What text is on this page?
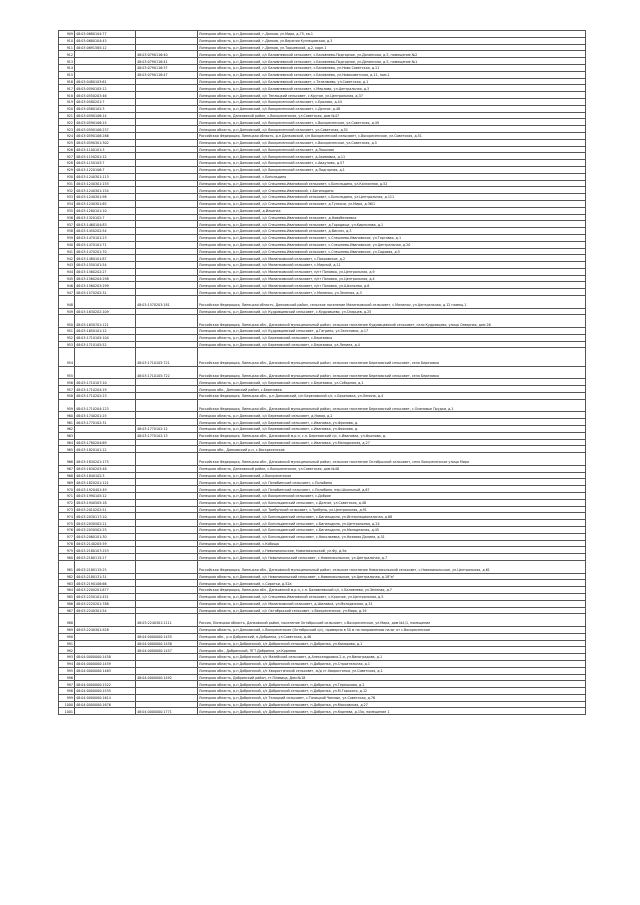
909	48:03:0680104:77		Липецкая область, р-н Данковский, г.Данков, ул.Мира, д.75, кв.1
910	48:03:0680104:43		Липецкая область, р-н Данковский, г.Данков, ул.Верхняя Кузнецовская, д.3
911	48:03:0691585:12		Липецкая область, р-н Данковский, г.Данков, ул.Торцевской, д.2, корп.1
912		48:03:0790116:40	Липецкая область, р-н Данковский, с/с Баловневский сельсовет, с.Баловнево-Подгорное, ул.Донинская, д.5, помещение №2
913		48:03:0790116:41	Липецкая область, р-н Данковский, с/с Баловневский сельсовет, с.Баловнево-Подгорное, ул.Донинская, д.5, помещение №1
914		48:03:0790116:37	Липецкая область, р-н Данковский, с/с Баловневский сельсовет, с.Баловнево, ул.Ново Советская, д.11
915		48:03:0790116:47	Липецкая область, р-н Данковский, с/с Баловневский сельсовет, с.Баловнево, ул.Новосоветская, д.11, пом.1
916	48:03:0480103:61		Липецкая область, р-н Данковский, с/с Баловневский сельсовет, с.Телелюево, ул.Советская, д.1
917	48:03:0590105:12		Липецкая область, р-н Данковский, с/с Баловневский сельсовет, с.Мерлово, ул.Центральная, д.3
918	48:03:0550203:46		Липецкая область, р-н Данковский, с/с Теплоцкий сельсовет, с.Крутое, ул.Центральная, д.37
919	48:03:0580201:7		Липецкая область, р-н Данковский, с/с Воскресенский сельсовет, с.Ерохово, д.44
920	48:03:0580102:3		Липецкая область, р-н Данковский, с/с Воскресенский сельсовет, с.Долгое, д.48
921	48:03:0590106:14		Липецкая область, Данковский район, с.Воскресенское, ул.Советская, дом №47
922	48:03:0590106:15		Липецкая область, р-н Данковский, с/с Воскресенский сельсовет, с.Воскресенское, ул.Советская, д.49
923	48:03:0590106:237		Липецкая область, р-н Данковский, с/с Воскресенский сельсовет, ул.Советская, д.51
924	48:03:0590106:286		Российская Федерация, Липецкая область, р-н Данковский, с/п Воскресенский сельсовет, с.Воскресенское, ул.Советская, д.51
925	48:03:0590301:302		Липецкая область, р-н Данковский, с/с Воскресенский сельсовет, с.Воскресенское, ул.Советская, д.5
926	48:03:1100101:3		Липецкая область, р-н Данковский, с/с Воскресенский сельсовет, д.Пашково
927	48:03:1150201:12		Липецкая область, р-н Данковский, с/с Воскресенский сельсовет, д.Акимовка, д.11
928	48:03:1150103:7		Липецкая область, р-н Данковский, с/с Воскресенский сельсовет, с.Авдулово, д.57
929	48:03:1220106:7		Липецкая область, р-н Данковский, с/с Воскресенский сельсовет, д.Подгорная, д.1
930	48:03:1240301:113		Липецкая область, р-н Данковский, с.Бигильдино
931	48:03:1240301:155		Липецкая область, р-н Данковский, с/с Спешнево-Ивановский сельсовет, с.Бигильдино, ул.Колхозная, д.52
932	48:03:1240301:154		Липецкая область, р-н Данковский, с/с Спешнево-Ивановский, с.Бигильдино
933	48:03:1240301:98		Липецкая область, р-н Данковский, с/с Спешнево-Ивановский сельсовет, с.Бигильдино, ул.Центральная, д.111
934	48:03:1240301:65		Липецкая область, р-н Данковский, с/с Спешнево-Ивановский сельсовет, д.Тупкачи, ул.Мира, д.36/1
935	48:03:1280101:10		Липецкая область, р-н Данковский, д.Ильинка
936	48:03:1320102:7		Липецкая область, р-н Данковский, с/с Спешнево-Ивановский сельсовет, д.Новобеляевка
937	48:03:1460104:83		Липецкая область, р-н Данковский, с/с Спешнево-Ивановский сельсовет, д.Городище, ул.Кирпилова, д.1
938	48:03:1450202:54		Липецкая область, р-н Данковский, с/с Спешнево-Ивановский сельсовет, д.Висляч, д.3
939	48:03:1470101:23		Липецкая область, р-н Данковский, с/с Спешнево-Ивановский сельсовет, с.Спешнево-Ивановское, ул.Торговая, д.1
940	48:03:1470101:71		Липецкая область, р-н Данковский, с/с Спешнево-Ивановский сельсовет, с.Спешнево-Ивановское, ул.Центральная, д.20
941	48:03:1470201:70		Липецкая область, р-н Данковский, с/с Спешнево-Ивановский сельсовет, с.Спешнево-Ивановское, ул.Садовая, д.5
942	48:03:1480101:87		Липецкая область, р-н Данковский, с/с Малинковский сельсовет, с.Покровское, д.2
943	48:03:1550101:54		Липецкая область, р-н Данковский, с/с Малинковский сельсовет, с.Мирный, д.11
944	48:03:1560202:27		Липецкая область, р-н Данковский, с/с Малинковский сельсовет, п/ст Поповка, ул.Центральная, д.9
945	48:03:1560204:298		Липецкая область, р-н Данковский, с/с Малинковский сельсовет, п/ст Поповка, ул.Центральная, д.4
946	48:03:1560203:299		Липецкая область, р-н Данковский, с/с Малинковский сельсовет, п/ст Поповка, ул.Школьная, д.6
947	48:03:1570202:31		Липецкая область, р-н Данковский, с/с Малинковский сельсовет, с.Малинки, ул.Зеленая, д.3
948		48:03:1570203:181	Российская Федерация, Липецкая область, Данковский район, сельское поселение Малинковский сельсовет, с.Малинки, ул.Центральная, д.12 помещ.1
949	48:03:1630202:109		Липецкая область, р-н Данковский, с/с Кудрявцевский сельсовет, с.Кудрявцево, ул.Спирцев, д.25
950	48:03:1630701:121		Российская Федерация, Липецкая обл., Данковский муниципальный район, сельское поселение Кудрявцевский сельсовет, село Кудрявцево, улица Северная, дом 26
951	48:03:1650101:12		Липецкая область, р-н Данковский, с/с Кудрявцевский сельсовет, д.Гагрино, ул.Заготовки, д.17
952	48:03:1710105:104		Липецкая область, р-н Данковский, с/с Березовский сельсовет, с.Березовка
953	48:03:1710105:52		Липецкая область, р-н Данковский, с/с Березовский сельсовет, с.Березовка, ул.Ленина, д.4
954		48:03:1710105:721	Российская Федерация, Липецкая обл., Данковский муниципальный район, сельское поселение Березовский сельсовет, село Березовка
955		48:03:1710105:722	Российская Федерация, Липецкая обл., Данковский муниципальный район, сельское поселение Березовский сельсовет, село Березовка
956	48:03:1710107:10		Липецкая область, р-н Данковский, с/с Березовский сельсовет, с.Березовка, ул.Соборная, д.1
957	48:03:1710204:19		Липецкая обл., Данковский район, с.Березовка
958	48:03:1710202:23		Российская Федерация, Липецкая обл., р-н Данковский, с/п Березовский с/с, с.Березовка, ул.Ленина, д.4
959	48:03:1710204:123		Российская Федерация, Липецкая обл., Данковский муниципальный район, сельское поселение Березовский сельсовет, с.Осиновые Прудки, д.1
960	48:03:1740201:25		Липецкая область, р-н Данковский, с/с Березовский сельсовет, д.Новая, д.2
961	48:03:1770102:31		Липецкая область, р-н Данковский, с/с Березовский сельсовет, с.Ивановка, ул.Фролова, д.
962		48:03:1770102:12	Липецкая область, р-н Данковский, с/с Березовский сельсовет, с.Ивановка, ул.Фролова, д.
963		48:03:1770102:13	Российская Федерация, Липецкая обл., Данковский м.р-н, с.п. Березовский с/с, с.Ивановка, ул.Фролова, д.
964	48:03:1780204:69		Липецкая область, р-н Данковский, с/с Березовский сельсовет, с.Ивановка, ул.Молодежная, д.27
965	48:03:1820101:12		Липецкая обл., Данковский р-н, с.Воскресенское
966	48:03:1830201:175		Российская Федерация, Липецкая обл., Данковский муниципальный район, сельское поселение Октябрьский сельсовет, село Воскресенское улица Мира
967	48:03:1830203:48		Липецкая область, Данковский район, с.Воскресенское, ул.Советская, дом №48
968	48:03:1840102:3		Липецкая область, р-н Данковский, с.Воскресенское
969	48:03:1820201:121		Липецкая область, р-н Данковский, с/с Полибинский сельсовет, с.Полибино
970	48:03:1920401:49		Липецкая область, р-н Данковский, с/с Полибинский сельсовет, с.Полибино, пер.Школьный, д.67
971	48:03:1990105:12		Липецкая область, р-н Данковский, с/с Воскресенский сельсовет, с.Доброе
972	48:03:1940505:18		Липецкая область, р-н Данковский, с/с Бигильдинский сельсовет, с.Долгое, ул.Советская, д.48
973	48:03:2010202:51		Липецкая область, р-н Данковский, с/с Требунский сельсовет, с.Требуны, ул.Центральная, д.91
974	48:03:2030117:10		Липецкая область, р-н Данковский, с/с Бигильдинский сельсовет, с.Бигильдино, ул.Интернациональная, д.68
975	48:03:2030502:21		Липецкая область, р-н Данковский, с/с Бигильдинский сельсовет, с.Бигильдино, ул.Центральная, д.24
976	48:03:2030502:25		Липецкая область, р-н Данковский, с/с Бигильдинский сельсовет, с.Бигильдино, ул.Молодежная, д.45
977	48:03:2060101:30		Липецкая область, р-н Данковский, с/с Бигильдинский сельсовет, с.Николаевка, ул.Низовая Долина, д.51
978	48:03:2140205:59		Липецкая область, р-н Данковский, с.Кобища
979	48:03:2180107:253		Липецкая область, р-н Данковский, с.Новоникольское, Новоникольский, ул.Фу, д.9а
980	48:03:2180115:27		Липецкая область, р-н Данковский, с/с Новоникольский сельсовет, с.Новоникольское, ул.Центральная, д.7
981	48:03:2180115:25		Российская Федерация, Липецкая обл., Данковский муниципальный район, сельское поселение Новоникольский сельсовет, с.Новоникольское, ул.Центральная, д.61
982	48:03:2180131:31		Липецкая область, р-н Данковский, с/с Новоникольский сельсовет, с.Новоникольское, ул.Центральная, д.18"а"
983	48:03:2190106:66		Липецкая область, р-н Данковский, с.Сиротьи, д.52а
984	48:03:2200201:877		Российская Федерация, Липецкая обл., Данковский м.р-н, с.п. Баловневский с/с, с.Баловнево, ул.Зеленая, д.7
985	48:03:2250101:451		Липецкая область, р-н Данковский, с/с Спешнево-Ивановский сельсовет, с.Красное, ул.Центральная, д.5
986	48:03:2220201:788		Липецкая область, р-н Данковский, с/с Малинковский сельсовет, д.Шиловка, ул.Молодежная, д.31
987	48:03:2240301:54		Липецкая область, р-н Данковский, с/с Октябрьский сельсовет, с.Воскресенское, ул.Мира, д.19
988		48:03:2240301:1111	Россия, Липецкая область, Данковский район, поселение Октябрьский сельсовет, с.Воскресенское, ул.Мира, дом №1/1, помещение
989	48:03:2240301:928		Липецкая область, р-н Данковский, с.Воскресенское (Октябрьский с/с), примерно в 50 м по направлению на юг от с.Воскресенское
990		48:04:0000000:1455	Липецкая обл., р-н Добринский, п.Добринка, ул.Советская, д.46
991		48:04:0000000:1456	Липецкая область, р-н Добринский, с/с Добринский сельсовет, п.Добринка, ул.Комарова, д.1
992		48:04:0000000:1457	Липецкая обл., Добринский, ПГТ Добринка, ул.Корнева
993	48:04:0000000:1458		Липецкая область, р-н Добринский, с/с Мазейский сельсовет, д.Александровка-2-я, ул.Виноградова, д.1
994	48:04:0000000:1459		Липецкая область, р-н Добринский, с/с Добринский сельсовет, п.Добринка, ул.Строительная, д.1
995	48:04:0000000:1463		Липецкая область, р-н Добринский, с/с Хворостянский сельсовет, ж/д ст.Хворостянка, ул.Советская, д.1
996		48:04:0000000:1492	Липецкая область, Добринский район, ст.Плавица, Дом №18
997	48:04:0000000:1522		Липецкая область, р-н Добринский, с/с Добринский сельсовет, п.Добринка, ул.Терешкова, д.2
998	48:04:0000000:1535		Липецкая область, р-н Добринский, с/с Добринский сельсовет, п.Добринка, ул.М.Горького, д.12
999	48:04:0000000:1614		Липецкая область, р-н Добринский, с/с Талицкий сельсовет, с.Талицкий Чамлык, ул.Советская, д.76
1000	48:04:0000000:1676		Липецкая область, р-н Добринский, с/с Добринский сельсовет, п.Добринка, ул.Московская, д.27
1001		48:04:0000000:1771	Липецкая область, р-н Добринский, с/с Добринский сельсовет, п.Добринка, ул.Корнева, д.15а, помещение 1
